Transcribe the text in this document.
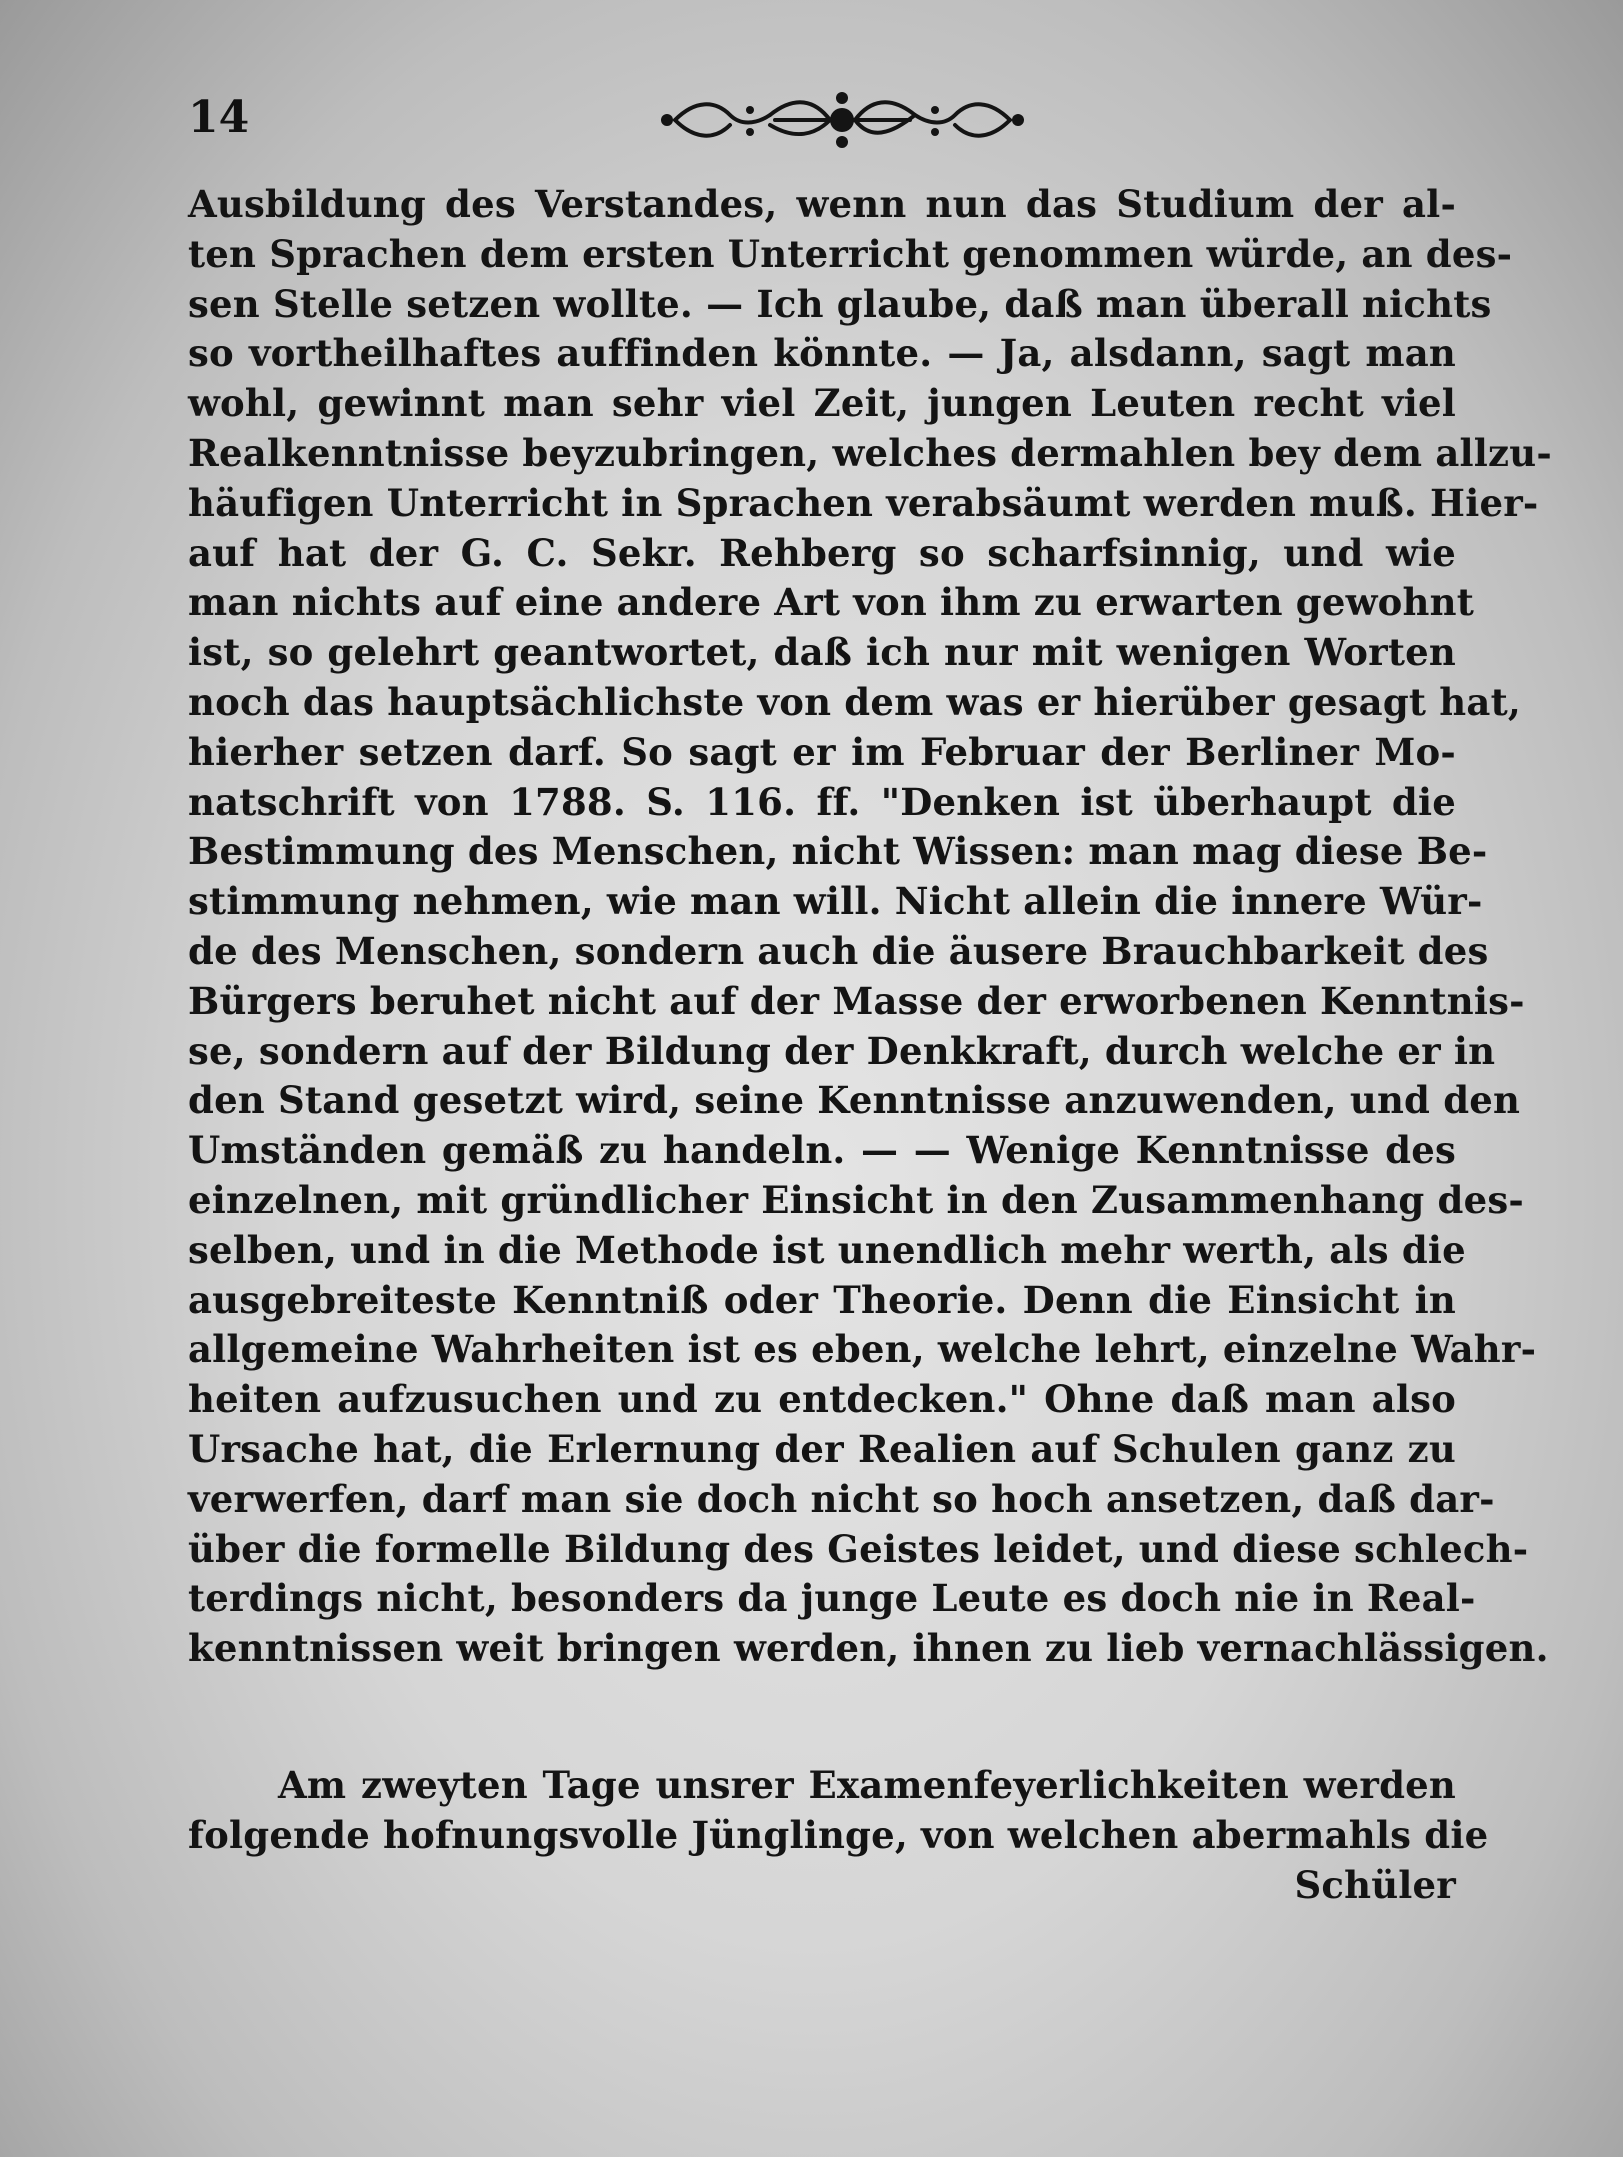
14
Ausbildung des Verstandes, wenn nun das Studium der al-
ten Sprachen dem ersten Unterricht genommen würde, an des-
sen Stelle setzen wollte. — Ich glaube, daß man überall nichts
so vortheilhaftes auffinden könnte. — Ja, alsdann, sagt man
wohl, gewinnt man sehr viel Zeit, jungen Leuten recht viel
Realkenntnisse beyzubringen, welches dermahlen bey dem allzu-
häufigen Unterricht in Sprachen verabsäumt werden muß. Hier-
auf hat der G. C. Sekr. Rehberg so scharfsinnig, und wie
man nichts auf eine andere Art von ihm zu erwarten gewohnt
ist, so gelehrt geantwortet, daß ich nur mit wenigen Worten
noch das hauptsächlichste von dem was er hierüber gesagt hat,
hierher setzen darf. So sagt er im Februar der Berliner Mo-
natschrift von 1788. S. 116. ff. "Denken ist überhaupt die
Bestimmung des Menschen, nicht Wissen: man mag diese Be-
stimmung nehmen, wie man will. Nicht allein die innere Wür-
de des Menschen, sondern auch die äusere Brauchbarkeit des
Bürgers beruhet nicht auf der Masse der erworbenen Kenntnis-
se, sondern auf der Bildung der Denkkraft, durch welche er in
den Stand gesetzt wird, seine Kenntnisse anzuwenden, und den
Umständen gemäß zu handeln. — — Wenige Kenntnisse des
einzelnen, mit gründlicher Einsicht in den Zusammenhang des-
selben, und in die Methode ist unendlich mehr werth, als die
ausgebreiteste Kenntniß oder Theorie. Denn die Einsicht in
allgemeine Wahrheiten ist es eben, welche lehrt, einzelne Wahr-
heiten aufzusuchen und zu entdecken." Ohne daß man also
Ursache hat, die Erlernung der Realien auf Schulen ganz zu
verwerfen, darf man sie doch nicht so hoch ansetzen, daß dar-
über die formelle Bildung des Geistes leidet, und diese schlech-
terdings nicht, besonders da junge Leute es doch nie in Real-
kenntnissen weit bringen werden, ihnen zu lieb vernachlässigen.
Am zweyten Tage unsrer Examenfeyerlichkeiten werden
folgende hofnungsvolle Jünglinge, von welchen abermahls die
Schüler
